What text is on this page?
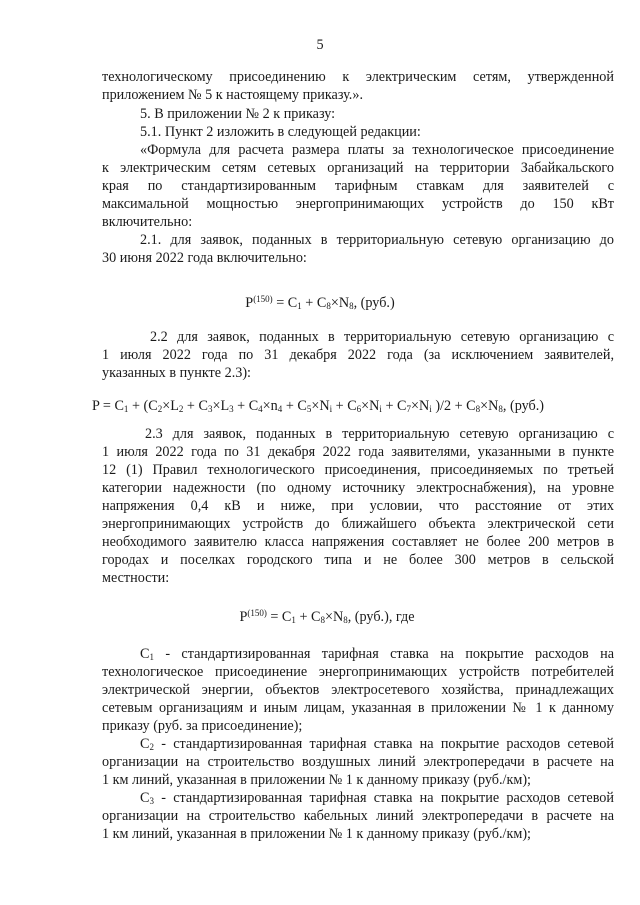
5
технологическому присоединению к электрическим сетям, утвержденной
приложением № 5 к настоящему приказу.».
5. В приложении № 2 к приказу:
5.1. Пункт 2 изложить в следующей редакции:
«Формула для расчета размера платы за технологическое присоединение
к электрическим сетям сетевых организаций на территории Забайкальского
края по стандартизированным тарифным ставкам для заявителей с
максимальной мощностью энергопринимающих устройств до 150 кВт
включительно:
2.1. для заявок, поданных в территориальную сетевую организацию до
30 июня 2022 года включительно:
$P^{(150)} = C_1 + C_8\times N_8$, (руб.)
2.2 для заявок, поданных в территориальную сетевую организацию с
1 июля 2022 года по 31 декабря 2022 года (за исключением заявителей,
указанных в пункте 2.3):
$P = C_1 + (C_2\times L_2 + C_3\times L_3 + C_4\times n_4 + C_5\times N_i + C_6\times N_i + C_7\times N_i$ )$/2 + C_8\times N_8$, (руб.)
2.3 для заявок, поданных в территориальную сетевую организацию с
1 июля 2022 года по 31 декабря 2022 года заявителями, указанными в пункте
12 (1) Правил технологического присоединения, присоединяемых по третьей
категории надежности (по одному источнику электроснабжения), на уровне
напряжения 0,4 кВ и ниже, при условии, что расстояние от этих
энергопринимающих устройств до ближайшего объекта электрической сети
необходимого заявителю класса напряжения составляет не более 200 метров в
городах и поселках городского типа и не более 300 метров в сельской
местности:
$P^{(150)} = C_1 + C_8\times N_8$, (руб.), где
$C_1$ - стандартизированная тарифная ставка на покрытие расходов на
технологическое присоединение энергопринимающих устройств потребителей
электрической энергии, объектов электросетевого хозяйства, принадлежащих
сетевым организациям и иным лицам, указанная в приложении № 1 к данному
приказу (руб. за присоединение);
$C_2$ - стандартизированная тарифная ставка на покрытие расходов сетевой
организации на строительство воздушных линий электропередачи в расчете на
1 км линий, указанная в приложении № 1 к данному приказу (руб./км);
$C_3$ - стандартизированная тарифная ставка на покрытие расходов сетевой
организации на строительство кабельных линий электропередачи в расчете на
1 км линий, указанная в приложении № 1 к данному приказу (руб./км);
